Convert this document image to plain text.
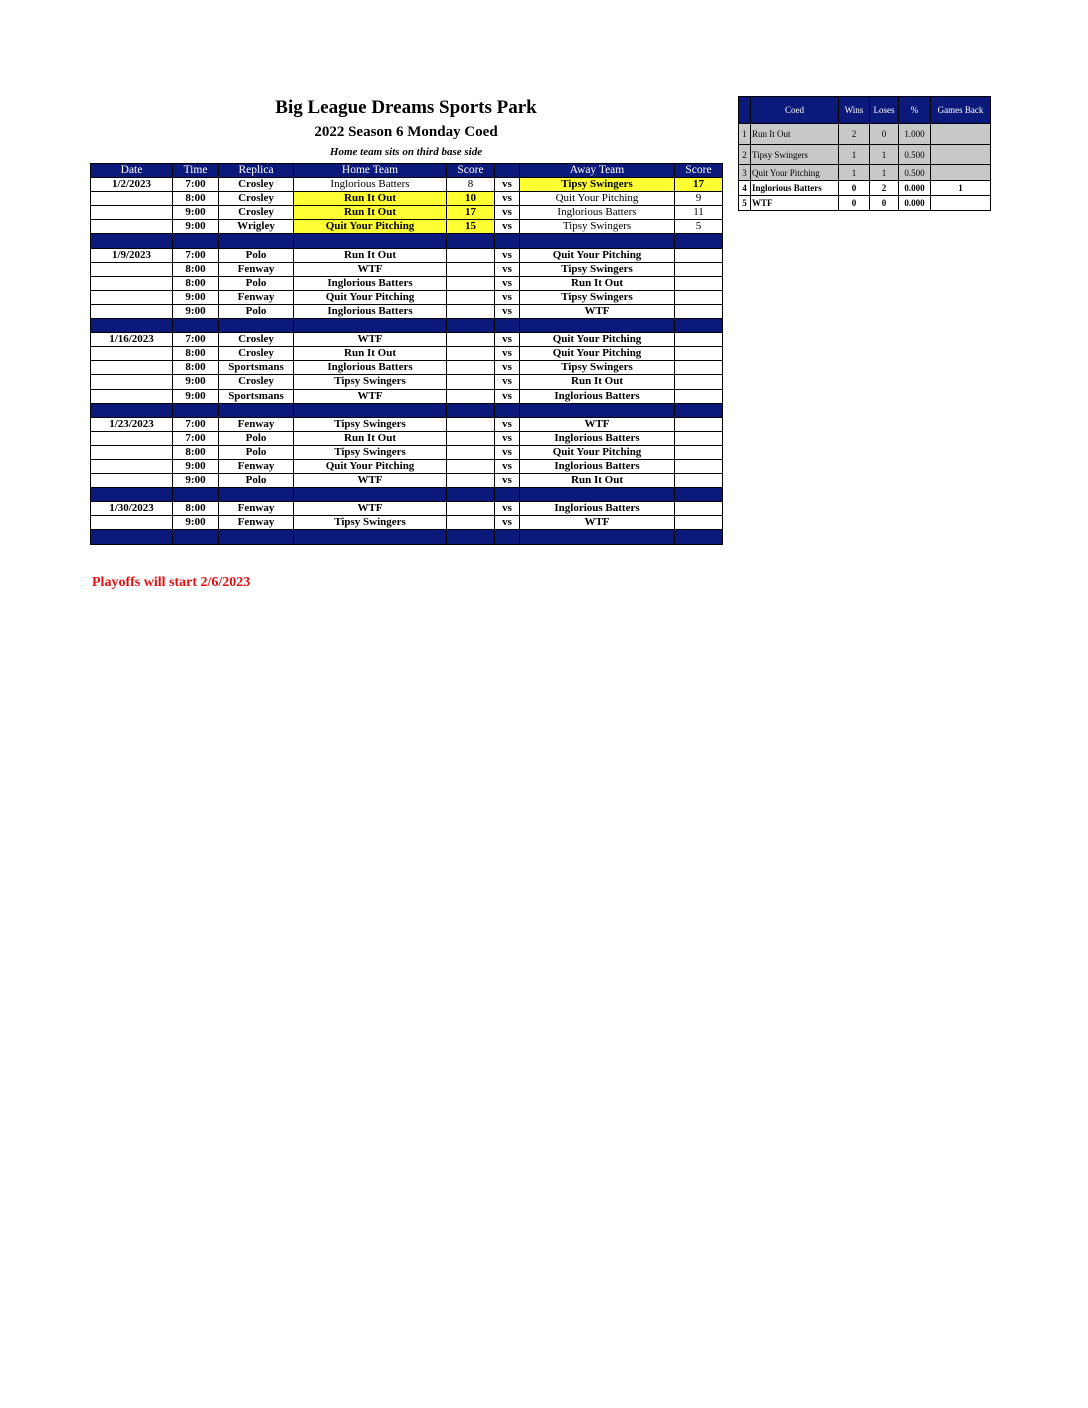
Big League Dreams Sports Park
2022 Season 6 Monday Coed
Home team sits on third base side
Date	Time	Replica	Home Team	Score		Away Team	Score
1/2/2023	7:00	Crosley	Inglorious Batters	8	vs	Tipsy Swingers	17
	8:00	Crosley	Run It Out	10	vs	Quit Your Pitching	9
	9:00	Crosley	Run It Out	17	vs	Inglorious Batters	11
	9:00	Wrigley	Quit Your Pitching	15	vs	Tipsy Swingers	5

1/9/2023	7:00	Polo	Run It Out		vs	Quit Your Pitching	
	8:00	Fenway	WTF		vs	Tipsy Swingers	
	8:00	Polo	Inglorious Batters		vs	Run It Out	
	9:00	Fenway	Quit Your Pitching		vs	Tipsy Swingers	
	9:00	Polo	Inglorious Batters		vs	WTF	

1/16/2023	7:00	Crosley	WTF		vs	Quit Your Pitching	
	8:00	Crosley	Run It Out		vs	Quit Your Pitching	
	8:00	Sportsmans	Inglorious Batters		vs	Tipsy Swingers	
	9:00	Crosley	Tipsy Swingers		vs	Run It Out	
	9:00	Sportsmans	WTF		vs	Inglorious Batters	

1/23/2023	7:00	Fenway	Tipsy Swingers		vs	WTF	
	7:00	Polo	Run It Out		vs	Inglorious Batters	
	8:00	Polo	Tipsy Swingers		vs	Quit Your Pitching	
	9:00	Fenway	Quit Your Pitching		vs	Inglorious Batters	
	9:00	Polo	WTF		vs	Run It Out	

1/30/2023	8:00	Fenway	WTF		vs	Inglorious Batters	
	9:00	Fenway	Tipsy Swingers		vs	WTF	

Playoffs will start 2/6/2023
	Coed	Wins	Loses	%	Games Back
1	Run It Out	2	0	1.000	
2	Tipsy Swingers	1	1	0.500	
3	Quit Your Pitching	1	1	0.500	
4	Inglorious Batters	0	2	0.000	1
5	WTF	0	0	0.000	
